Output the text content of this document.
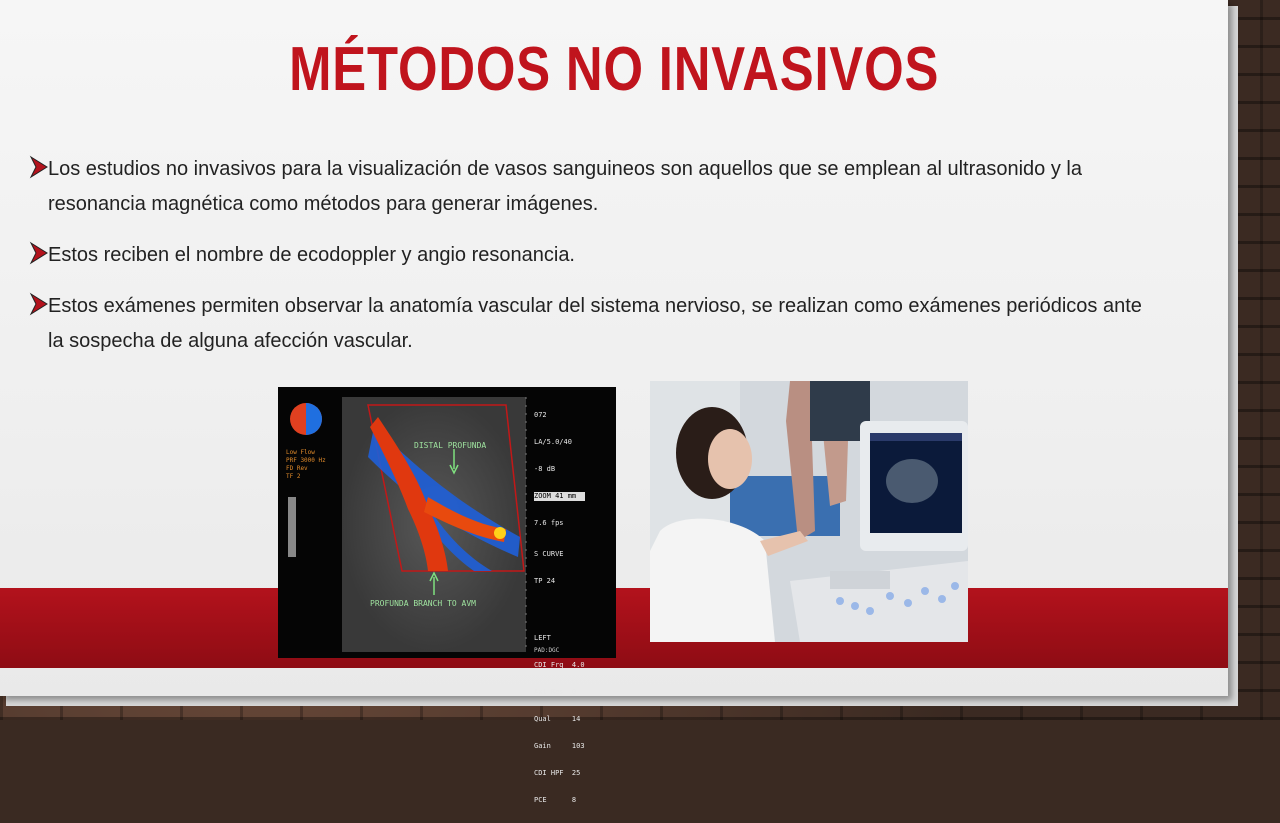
MÉTODOS NO INVASIVOS
Los estudios no invasivos para la visualización de vasos sanguineos son aquellos que se emplean al ultrasonido y la resonancia magnética como métodos para generar imágenes.
Estos reciben el nombre de ecodoppler y angio resonancia.
Estos exámenes permiten observar la anatomía vascular del sistema nervioso, se realizan como exámenes periódicos ante la sospecha de alguna afección vascular.
DISTAL PROFUNDA
PROFUNDA BRANCH TO AVM
Low Flow
PRF 3000 Hz
FD Rev
TF 2

072

LA/5.0/40

-8 dB

ZOOM 41 mm

7.6 fps

S CURVE

TP 24

LEFT

CDI Frq  4.0

Axl Res  0

Qual     14

Gain     103

CDI HPF  25

PCE      8

PAD:DGC
